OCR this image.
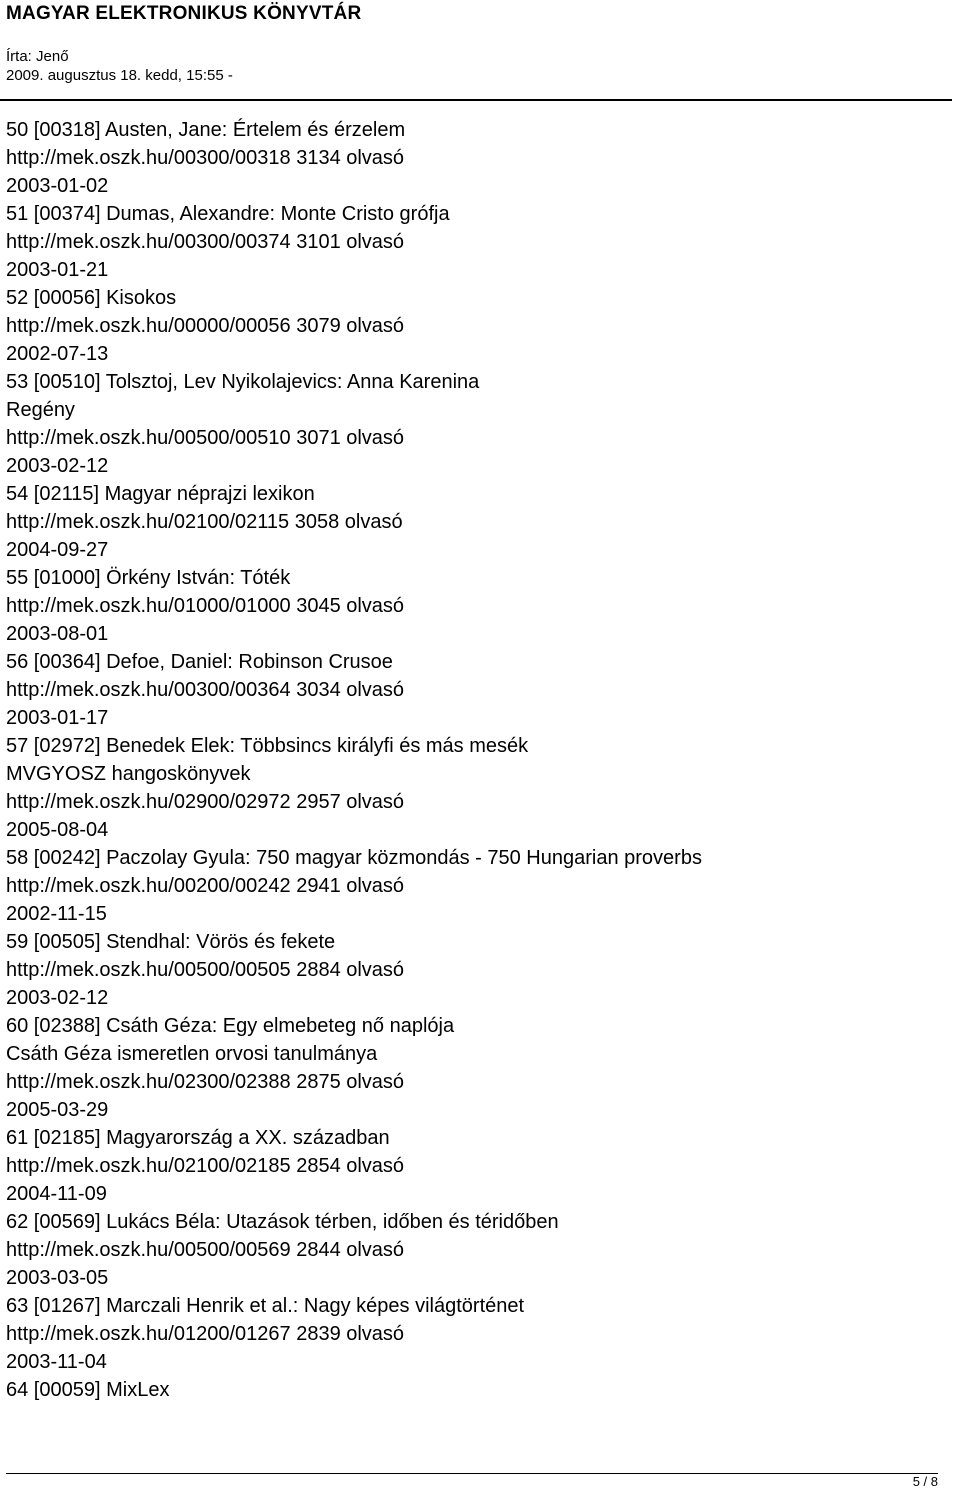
MAGYAR ELEKTRONIKUS KÖNYVTÁR
Írta: Jenő
2009. augusztus 18. kedd, 15:55 -
50 [00318] Austen, Jane: Értelem és érzelem
http://mek.oszk.hu/00300/00318 3134 olvasó
2003-01-02
51 [00374] Dumas, Alexandre: Monte Cristo grófja
http://mek.oszk.hu/00300/00374 3101 olvasó
2003-01-21
52 [00056] Kisokos
http://mek.oszk.hu/00000/00056 3079 olvasó
2002-07-13
53 [00510] Tolsztoj, Lev Nyikolajevics: Anna Karenina
Regény
http://mek.oszk.hu/00500/00510 3071 olvasó
2003-02-12
54 [02115] Magyar néprajzi lexikon
http://mek.oszk.hu/02100/02115 3058 olvasó
2004-09-27
55 [01000] Örkény István: Tóték
http://mek.oszk.hu/01000/01000 3045 olvasó
2003-08-01
56 [00364] Defoe, Daniel: Robinson Crusoe
http://mek.oszk.hu/00300/00364 3034 olvasó
2003-01-17
57 [02972] Benedek Elek: Többsincs királyfi és más mesék
MVGYOSZ hangoskönyvek
http://mek.oszk.hu/02900/02972 2957 olvasó
2005-08-04
58 [00242] Paczolay Gyula: 750 magyar közmondás - 750 Hungarian proverbs
http://mek.oszk.hu/00200/00242 2941 olvasó
2002-11-15
59 [00505] Stendhal: Vörös és fekete
http://mek.oszk.hu/00500/00505 2884 olvasó
2003-02-12
60 [02388] Csáth Géza: Egy elmebeteg nő naplója
Csáth Géza ismeretlen orvosi tanulmánya
http://mek.oszk.hu/02300/02388 2875 olvasó
2005-03-29
61 [02185] Magyarország a XX. században
http://mek.oszk.hu/02100/02185 2854 olvasó
2004-11-09
62 [00569] Lukács Béla: Utazások térben, időben és téridőben
http://mek.oszk.hu/00500/00569 2844 olvasó
2003-03-05
63 [01267] Marczali Henrik et al.: Nagy képes világtörténet
http://mek.oszk.hu/01200/01267 2839 olvasó
2003-11-04
64 [00059] MixLex
5 / 8
